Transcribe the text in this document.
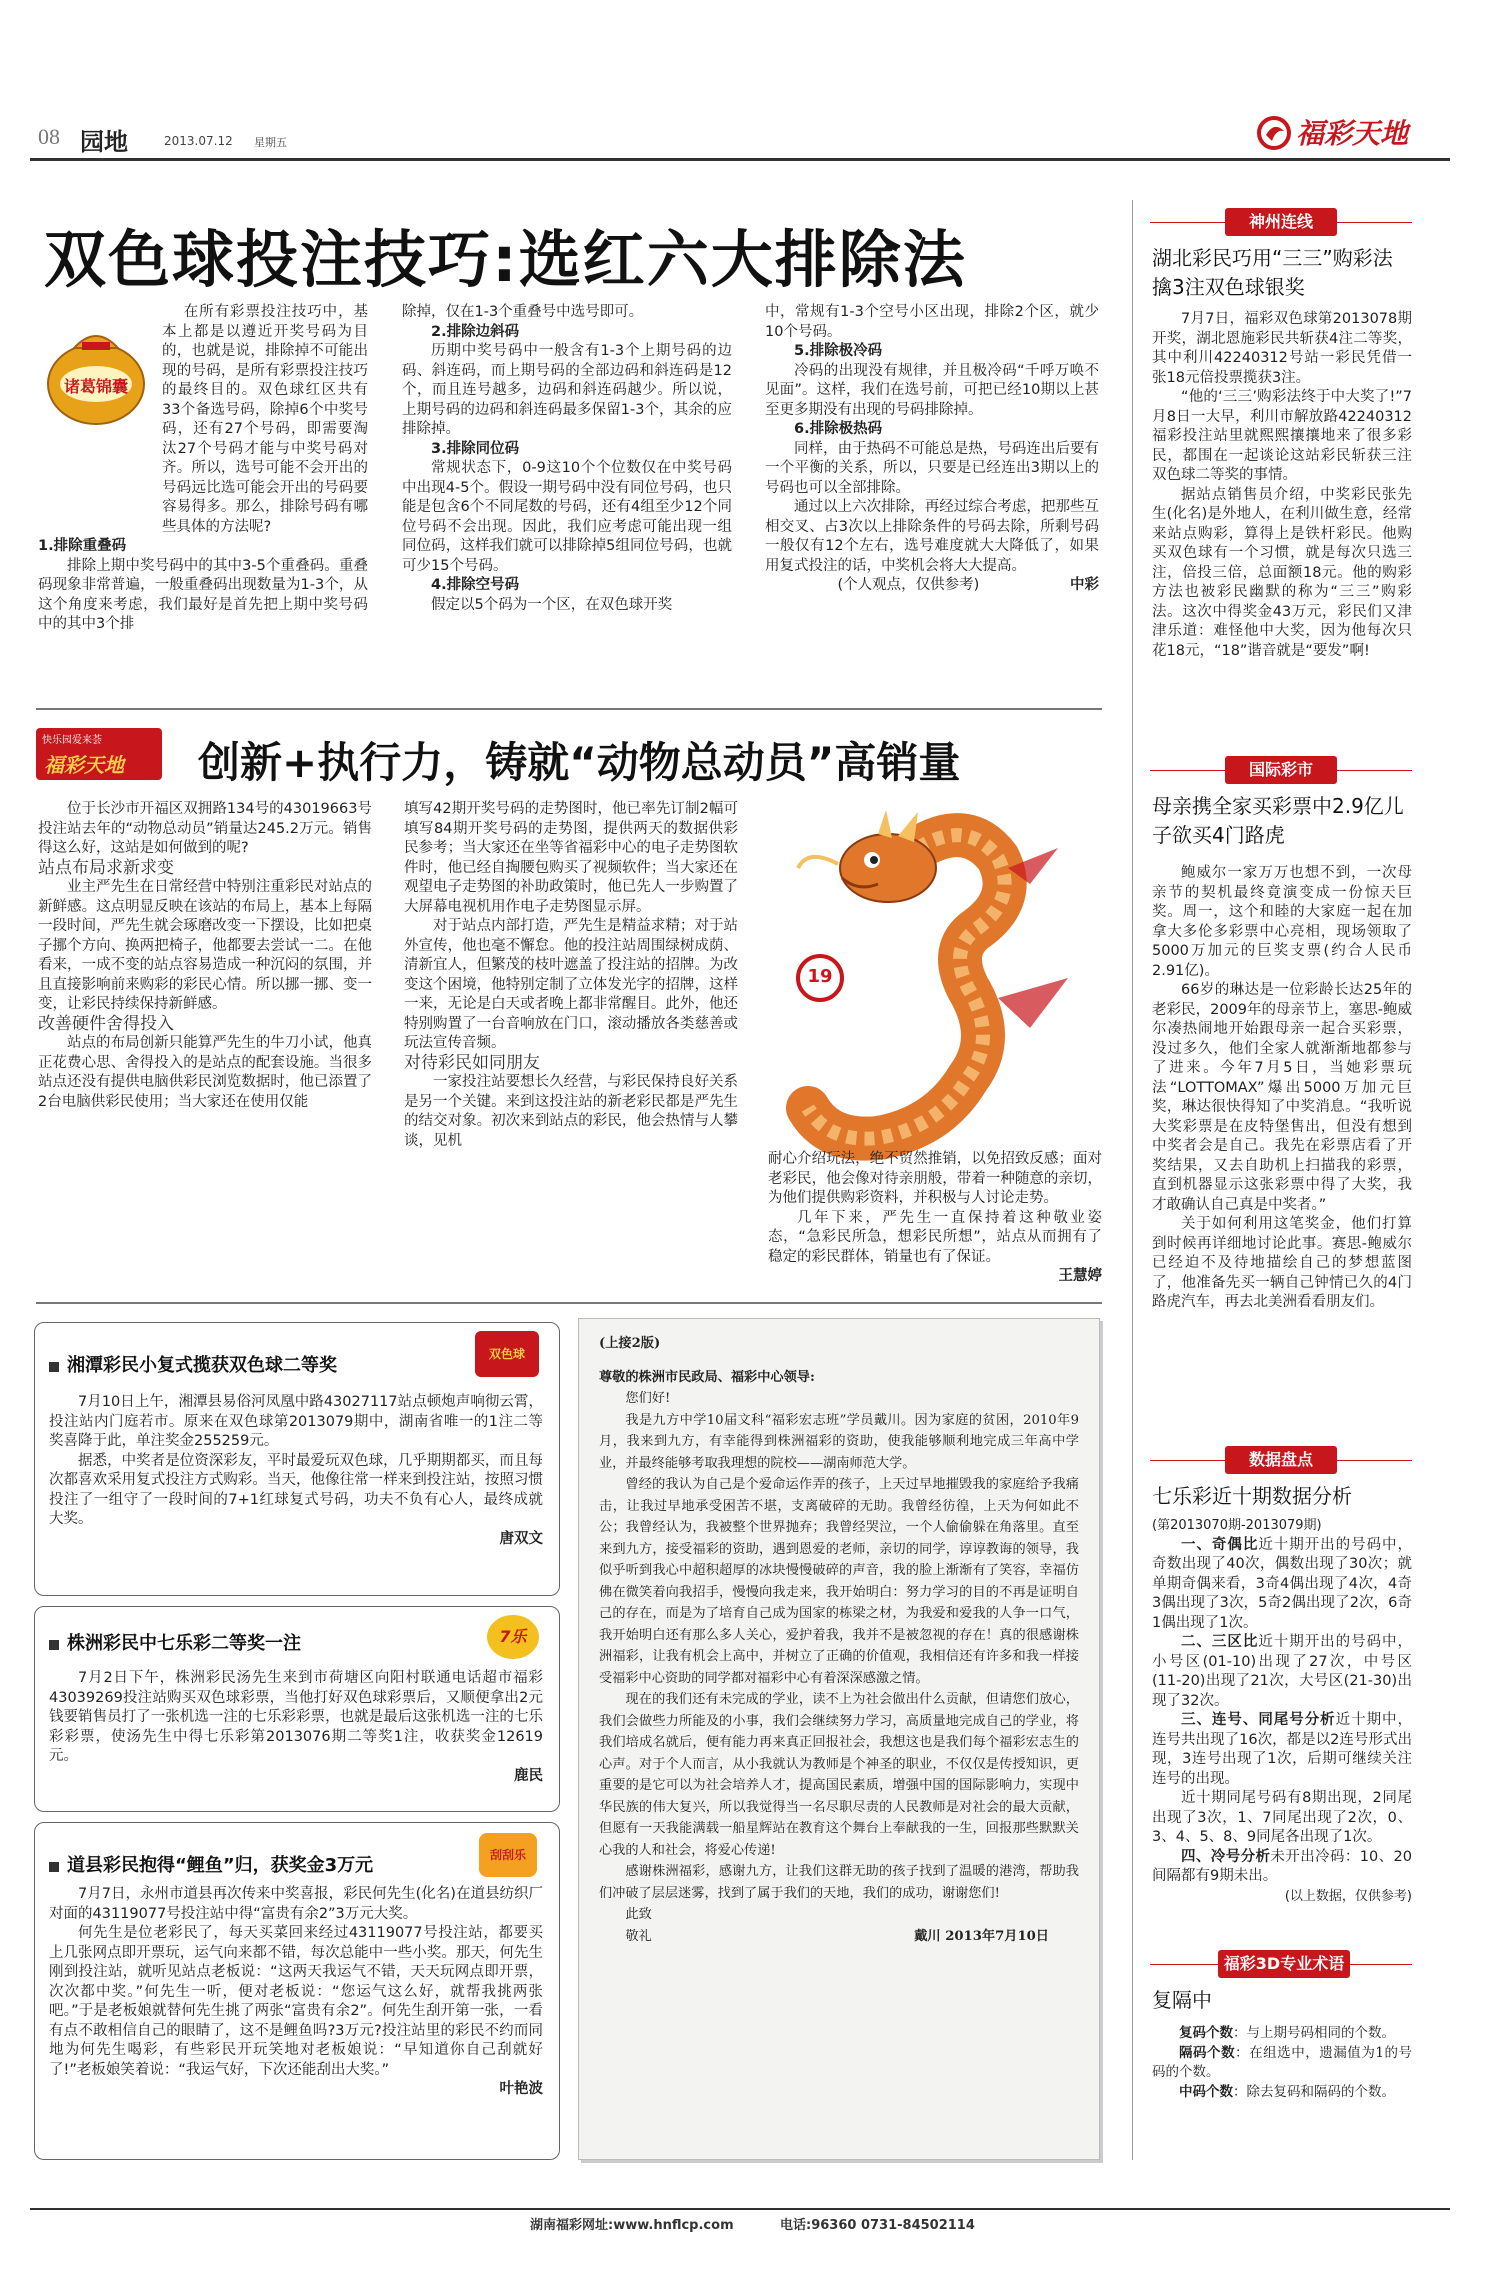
08 园地	2013.07.12 星期五	福彩天地
双色球投注技巧:选红六大排除法
诸葛锦囊

在所有彩票投注技巧中，基本上都是以遵近开奖号码为目的，也就是说，排除掉不可能出现的号码，是所有彩票投注技巧的最终目的。双色球红区共有33个备选号码，除掉6个中奖号码，还有27个号码，即需要淘汰27个号码才能与中奖号码对齐。所以，选号可能不会开出的号码远比选可能会开出的号码要容易得多。那么，排除号码有哪些具体的方法呢?

1.排除重叠码

排除上期中奖号码中的其中3-5个重叠码。重叠码现象非常普遍，一般重叠码出现数量为1-3个，从这个角度来考虑，我们最好是首先把上期中奖号码中的其中3个排

除掉，仅在1-3个重叠号中选号即可。

2.排除边斜码

历期中奖号码中一般含有1-3个上期号码的边码、斜连码，而上期号码的全部边码和斜连码是12个，而且连号越多，边码和斜连码越少。所以说，上期号码的边码和斜连码最多保留1-3个，其余的应排除掉。

3.排除同位码

常规状态下，0-9这10个个位数仅在中奖号码中出现4-5个。假设一期号码中没有同位号码，也只能是包含6个不同尾数的号码，还有4组至少12个同位号码不会出现。因此，我们应考虑可能出现一组同位码，这样我们就可以排除掉5组同位号码，也就可少15个号码。

4.排除空号码

假定以5个码为一个区，在双色球开奖

中，常规有1-3个空号小区出现，排除2个区，就少10个号码。

5.排除极冷码

冷码的出现没有规律，并且极冷码“千呼万唤不见面”。这样，我们在选号前，可把已经10期以上甚至更多期没有出现的号码排除掉。

6.排除极热码

同样，由于热码不可能总是热，号码连出后要有一个平衡的关系，所以，只要是已经连出3期以上的号码也可以全部排除。

通过以上六次排除，再经过综合考虑，把那些互相交叉、占3次以上排除条件的号码去除，所剩号码一般仅有12个左右，选号难度就大大降低了，如果用复式投注的话，中奖机会将大大提高。

(个人观点，仅供参考)	中彩

快乐园爱来荟
福彩天地	创新+执行力，铸就“动物总动员”高销量

位于长沙市开福区双拥路134号的43019663号投注站去年的“动物总动员”销量达245.2万元。销售得这么好，这站是如何做到的呢?

站点布局求新求变

业主严先生在日常经营中特别注重彩民对站点的新鲜感。这点明显反映在该站的布局上，基本上每隔一段时间，严先生就会琢磨改变一下摆设，比如把桌子挪个方向、换两把椅子，他都要去尝试一二。在他看来，一成不变的站点容易造成一种沉闷的氛围，并且直接影响前来购彩的彩民心情。所以挪一挪、变一变，让彩民持续保持新鲜感。

改善硬件舍得投入

站点的布局创新只能算严先生的牛刀小试，他真正花费心思、舍得投入的是站点的配套设施。当很多站点还没有提供电脑供彩民浏览数据时，他已添置了2台电脑供彩民使用；当大家还在使用仅能

填写42期开奖号码的走势图时，他已率先订制2幅可填写84期开奖号码的走势图，提供两天的数据供彩民参考；当大家还在坐等省福彩中心的电子走势图软件时，他已经自掏腰包购买了视频软件；当大家还在观望电子走势图的补助政策时，他已先人一步购置了大屏幕电视机用作电子走势图显示屏。

对于站点内部打造，严先生是精益求精；对于站外宣传，他也毫不懈怠。他的投注站周围绿树成荫、清新宜人，但繁茂的枝叶遮盖了投注站的招牌。为改变这个困境，他特别定制了立体发光字的招牌，这样一来，无论是白天或者晚上都非常醒目。此外，他还特别购置了一台音响放在门口，滚动播放各类慈善或玩法宣传音频。

对待彩民如同朋友

一家投注站要想长久经营，与彩民保持良好关系是另一个关键。来到这投注站的新老彩民都是严先生的结交对象。初次来到站点的彩民，他会热情与人攀谈，见机

19

耐心介绍玩法，绝不贸然推销，以免招致反感；面对老彩民，他会像对待亲朋般，带着一种随意的亲切，为他们提供购彩资料，并积极与人讨论走势。

几年下来，严先生一直保持着这种敬业姿态，“急彩民所急，想彩民所想”，站点从而拥有了稳定的彩民群体，销量也有了保证。

王慧婷

湘潭彩民小复式揽获双色球二等奖
双色球

7月10日上午，湘潭县易俗河凤凰中路43027117站点顿炮声响彻云霄，投注站内门庭若市。原来在双色球第2013079期中，湖南省唯一的1注二等奖喜降于此，单注奖金255259元。

据悉，中奖者是位资深彩友，平时最爱玩双色球，几乎期期都买，而且每次都喜欢采用复式投注方式购彩。当天，他像往常一样来到投注站，按照习惯投注了一组守了一段时间的7+1红球复式号码，功夫不负有心人，最终成就大奖。

唐双文

株洲彩民中七乐彩二等奖一注	7乐

7月2日下午，株洲彩民汤先生来到市荷塘区向阳村联通电话超市福彩43039269投注站购买双色球彩票，当他打好双色球彩票后，又顺便拿出2元钱要销售员打了一张机选一注的七乐彩彩票，也就是最后这张机选一注的七乐彩彩票，使汤先生中得七乐彩第2013076期二等奖1注，收获奖金12619元。

鹿民

道县彩民抱得“鲤鱼”归，获奖金3万元	刮刮乐

7月7日，永州市道县再次传来中奖喜报，彩民何先生(化名)在道县纺织厂对面的43119077号投注站中得“富贵有余2”3万元大奖。

何先生是位老彩民了，每天买菜回来经过43119077号投注站，都要买上几张网点即开票玩，运气向来都不错，每次总能中一些小奖。那天，何先生刚到投注站，就听见站点老板说：“这两天我运气不错，天天玩网点即开票，次次都中奖。”何先生一听，便对老板说：“您运气这么好，就帮我挑两张吧。”于是老板娘就替何先生挑了两张“富贵有余2”。何先生刮开第一张，一看有点不敢相信自己的眼睛了，这不是鲤鱼吗?3万元?投注站里的彩民不约而同地为何先生喝彩，有些彩民开玩笑地对老板娘说：“早知道你自己刮就好了!”老板娘笑着说：“我运气好，下次还能刮出大奖。”

叶艳波

(上接2版)

尊敬的株洲市民政局、福彩中心领导:

您们好!

我是九方中学10届文科“福彩宏志班”学员戴川。因为家庭的贫困，2010年9月，我来到九方，有幸能得到株洲福彩的资助，使我能够顺利地完成三年高中学业，并最终能够考取我理想的院校——湖南师范大学。

曾经的我认为自己是个爱命运作弄的孩子，上天过早地摧毁我的家庭给予我痛击，让我过早地承受困苦不堪，支离破碎的无助。我曾经彷徨，上天为何如此不公；我曾经认为，我被整个世界抛弃；我曾经哭泣，一个人偷偷躲在角落里。直至来到九方，接受福彩的资助，遇到恩爱的老师，亲切的同学，谆谆教诲的领导，我似乎听到我心中超积超厚的冰块慢慢破碎的声音，我的脸上渐渐有了笑容，幸福仿佛在微笑着向我招手，慢慢向我走来，我开始明白：努力学习的目的不再是证明自己的存在，而是为了培育自己成为国家的栋梁之材，为我爱和爱我的人争一口气，我开始明白还有那么多人关心，爱护着我，我并不是被忽视的存在！真的很感谢株洲福彩，让我有机会上高中，并树立了正确的价值观，我相信还有许多和我一样接受福彩中心资助的同学都对福彩中心有着深深感激之情。

现在的我们还有未完成的学业，读不上为社会做出什么贡献，但请您们放心，我们会做些力所能及的小事，我们会继续努力学习，高质量地完成自己的学业，将我们培成名就后，便有能力再来真正回报社会，我想这也是我们每个福彩宏志生的心声。对于个人而言，从小我就认为教师是个神圣的职业，不仅仅是传授知识，更重要的是它可以为社会培养人才，提高国民素质，增强中国的国际影响力，实现中华民族的伟大复兴，所以我觉得当一名尽职尽责的人民教师是对社会的最大贡献，但愿有一天我能满载一船星辉站在教育这个舞台上奉献我的一生，回报那些默默关心我的人和社会，将爱心传递!

感谢株洲福彩，感谢九方，让我们这群无助的孩子找到了温暖的港湾，帮助我们冲破了层层迷雾，找到了属于我们的天地，我们的成功，谢谢您们!

此致

敬礼	戴川 2013年7月10日

神州连线
湖北彩民巧用“三三”购彩法擒3注双色球银奖

7月7日，福彩双色球第2013078期开奖，湖北恩施彩民共斩获4注二等奖，其中利川42240312号站一彩民凭借一张18元倍投票揽获3注。

“他的‘三三’购彩法终于中大奖了!”7月8日一大早，利川市解放路42240312福彩投注站里就熙熙攘攘地来了很多彩民，都围在一起谈论这站彩民斩获三注双色球二等奖的事情。

据站点销售员介绍，中奖彩民张先生(化名)是外地人，在利川做生意，经常来站点购彩，算得上是铁杆彩民。他购买双色球有一个习惯，就是每次只选三注，倍投三倍，总面额18元。他的购彩方法也被彩民幽默的称为“三三”购彩法。这次中得奖金43万元，彩民们又津津乐道：难怪他中大奖，因为他每次只花18元，“18”谐音就是“要发”啊!

国际彩市
母亲携全家买彩票中2.9亿儿子欲买4门路虎

鲍威尔一家万万也想不到，一次母亲节的契机最终竟演变成一份惊天巨奖。周一，这个和睦的大家庭一起在加拿大多伦多彩票中心亮相，现场领取了5000万加元的巨奖支票(约合人民币2.91亿)。

66岁的琳达是一位彩龄长达25年的老彩民，2009年的母亲节上，塞思-鲍威尔凑热闹地开始跟母亲一起合买彩票，没过多久，他们全家人就渐渐地都参与了进来。今年7月5日，当她彩票玩法“LOTTOMAX”爆出5000万加元巨奖，琳达很快得知了中奖消息。“我听说大奖彩票是在皮特堡售出，但没有想到中奖者会是自己。我先在彩票店看了开奖结果，又去自助机上扫描我的彩票，直到机器显示这张彩票中得了大奖，我才敢确认自己真是中奖者。”

关于如何利用这笔奖金，他们打算到时候再详细地讨论此事。赛思-鲍威尔已经迫不及待地描绘自己的梦想蓝图了，他准备先买一辆自己钟情已久的4门路虎汽车，再去北美洲看看朋友们。

数据盘点
七乐彩近十期数据分析

(第2013070期-2013079期)

一、奇偶比近十期开出的号码中，奇数出现了40次，偶数出现了30次；就单期奇偶来看，3奇4偶出现了4次，4奇3偶出现了3次，5奇2偶出现了2次，6奇1偶出现了1次。

二、三区比近十期开出的号码中，小号区(01-10)出现了27次，中号区(11-20)出现了21次，大号区(21-30)出现了32次。

三、连号、同尾号分析近十期中，连号共出现了16次，都是以2连号形式出现，3连号出现了1次，后期可继续关注连号的出现。

近十期同尾号码有8期出现，2同尾出现了3次，1、7同尾出现了2次，0、3、4、5、8、9同尾各出现了1次。

四、冷号分析未开出冷码：10、20间隔都有9期未出。

(以上数据，仅供参考)

福彩3D专业术语
复隔中

复码个数：与上期号码相同的个数。

隔码个数：在组选中，遗漏值为1的号码的个数。

中码个数：除去复码和隔码的个数。

湖南福彩网址:www.hnflcp.com	电话:96360 0731-84502114
